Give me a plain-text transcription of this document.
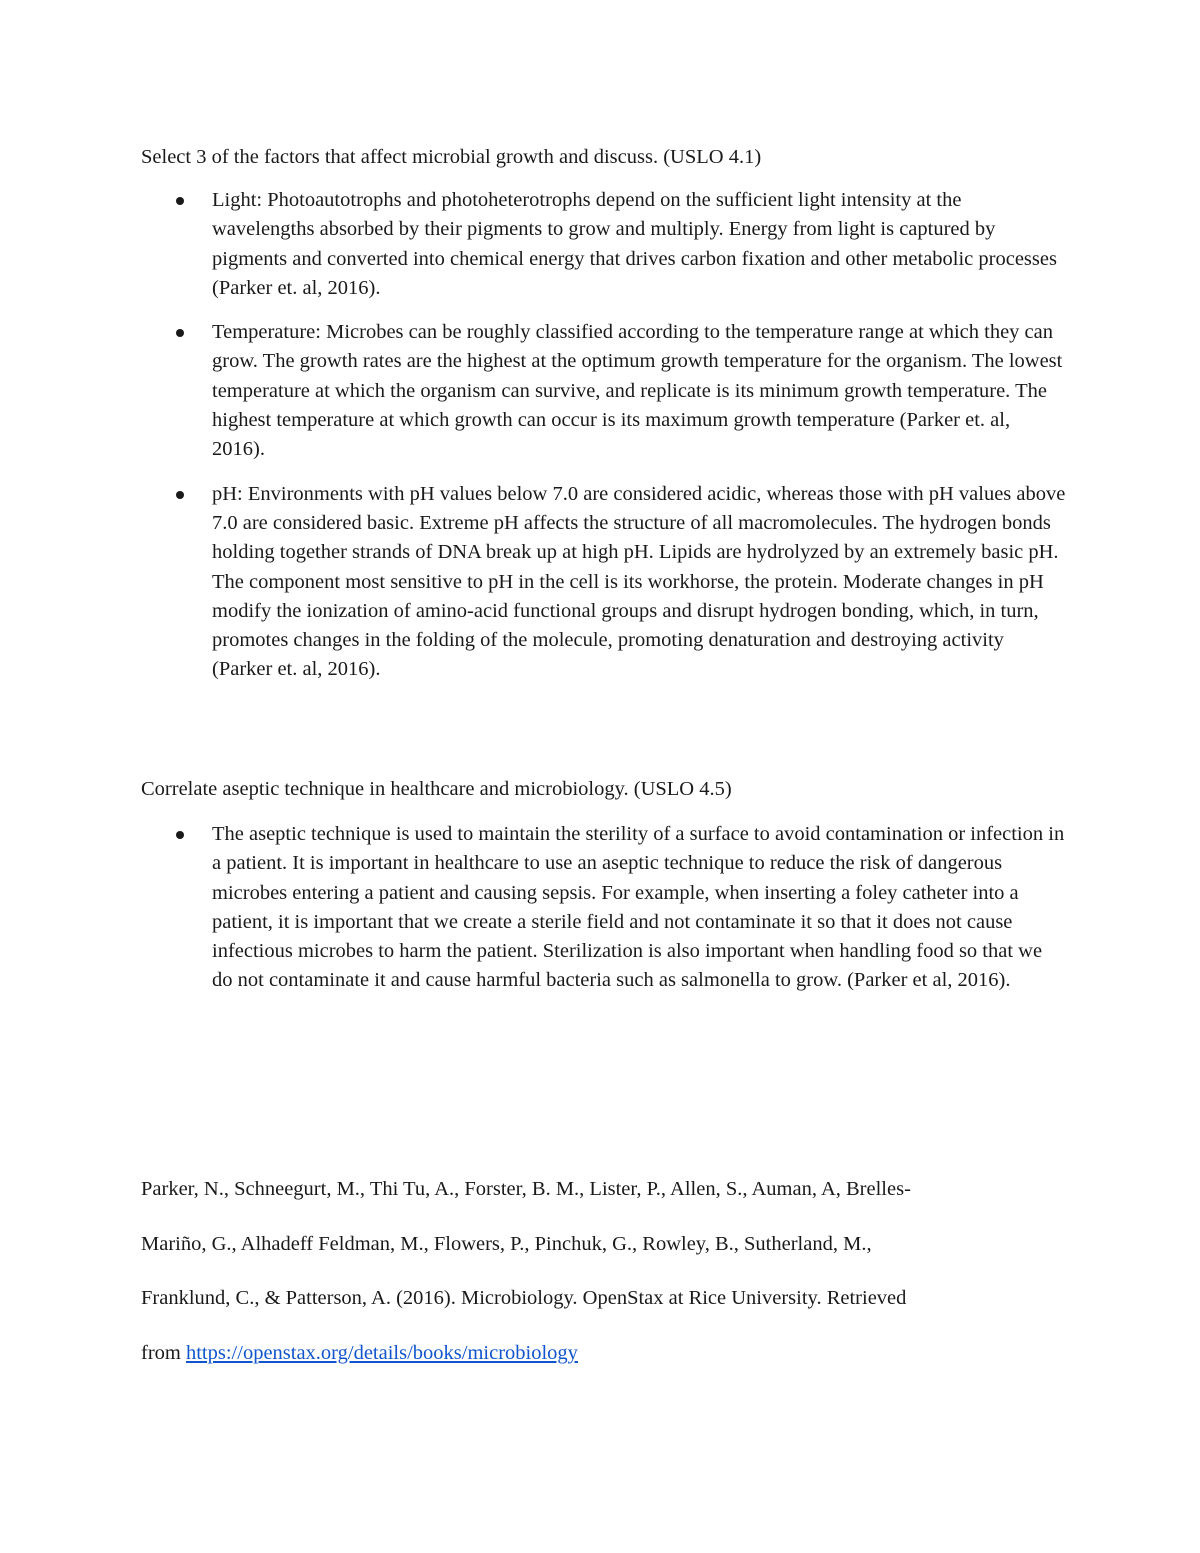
Select 3 of the factors that affect microbial growth and discuss. (USLO 4.1)
Light: Photoautotrophs and photoheterotrophs depend on the sufficient light intensity at the wavelengths absorbed by their pigments to grow and multiply. Energy from light is captured by pigments and converted into chemical energy that drives carbon fixation and other metabolic processes (Parker et. al, 2016).
Temperature: Microbes can be roughly classified according to the temperature range at which they can grow. The growth rates are the highest at the optimum growth temperature for the organism. The lowest temperature at which the organism can survive, and replicate is its minimum growth temperature. The highest temperature at which growth can occur is its maximum growth temperature (Parker et. al, 2016).
pH: Environments with pH values below 7.0 are considered acidic, whereas those with pH values above 7.0 are considered basic. Extreme pH affects the structure of all macromolecules. The hydrogen bonds holding together strands of DNA break up at high pH. Lipids are hydrolyzed by an extremely basic pH. The component most sensitive to pH in the cell is its workhorse, the protein. Moderate changes in pH modify the ionization of amino-acid functional groups and disrupt hydrogen bonding, which, in turn, promotes changes in the folding of the molecule, promoting denaturation and destroying activity (Parker et. al, 2016).
Correlate aseptic technique in healthcare and microbiology. (USLO 4.5)
The aseptic technique is used to maintain the sterility of a surface to avoid contamination or infection in a patient. It is important in healthcare to use an aseptic technique to reduce the risk of dangerous microbes entering a patient and causing sepsis. For example, when inserting a foley catheter into a patient, it is important that we create a sterile field and not contaminate it so that it does not cause infectious microbes to harm the patient. Sterilization is also important when handling food so that we do not contaminate it and cause harmful bacteria such as salmonella to grow. (Parker et al, 2016).

Parker, N., Schneegurt, M., Thi Tu, A., Forster, B. M., Lister, P., Allen, S., Auman, A, Brelles-

Mariño, G., Alhadeff Feldman, M., Flowers, P., Pinchuk, G., Rowley, B., Sutherland, M.,

Franklund, C., & Patterson, A. (2016). Microbiology. OpenStax at Rice University. Retrieved

from https://openstax.org/details/books/microbiology
